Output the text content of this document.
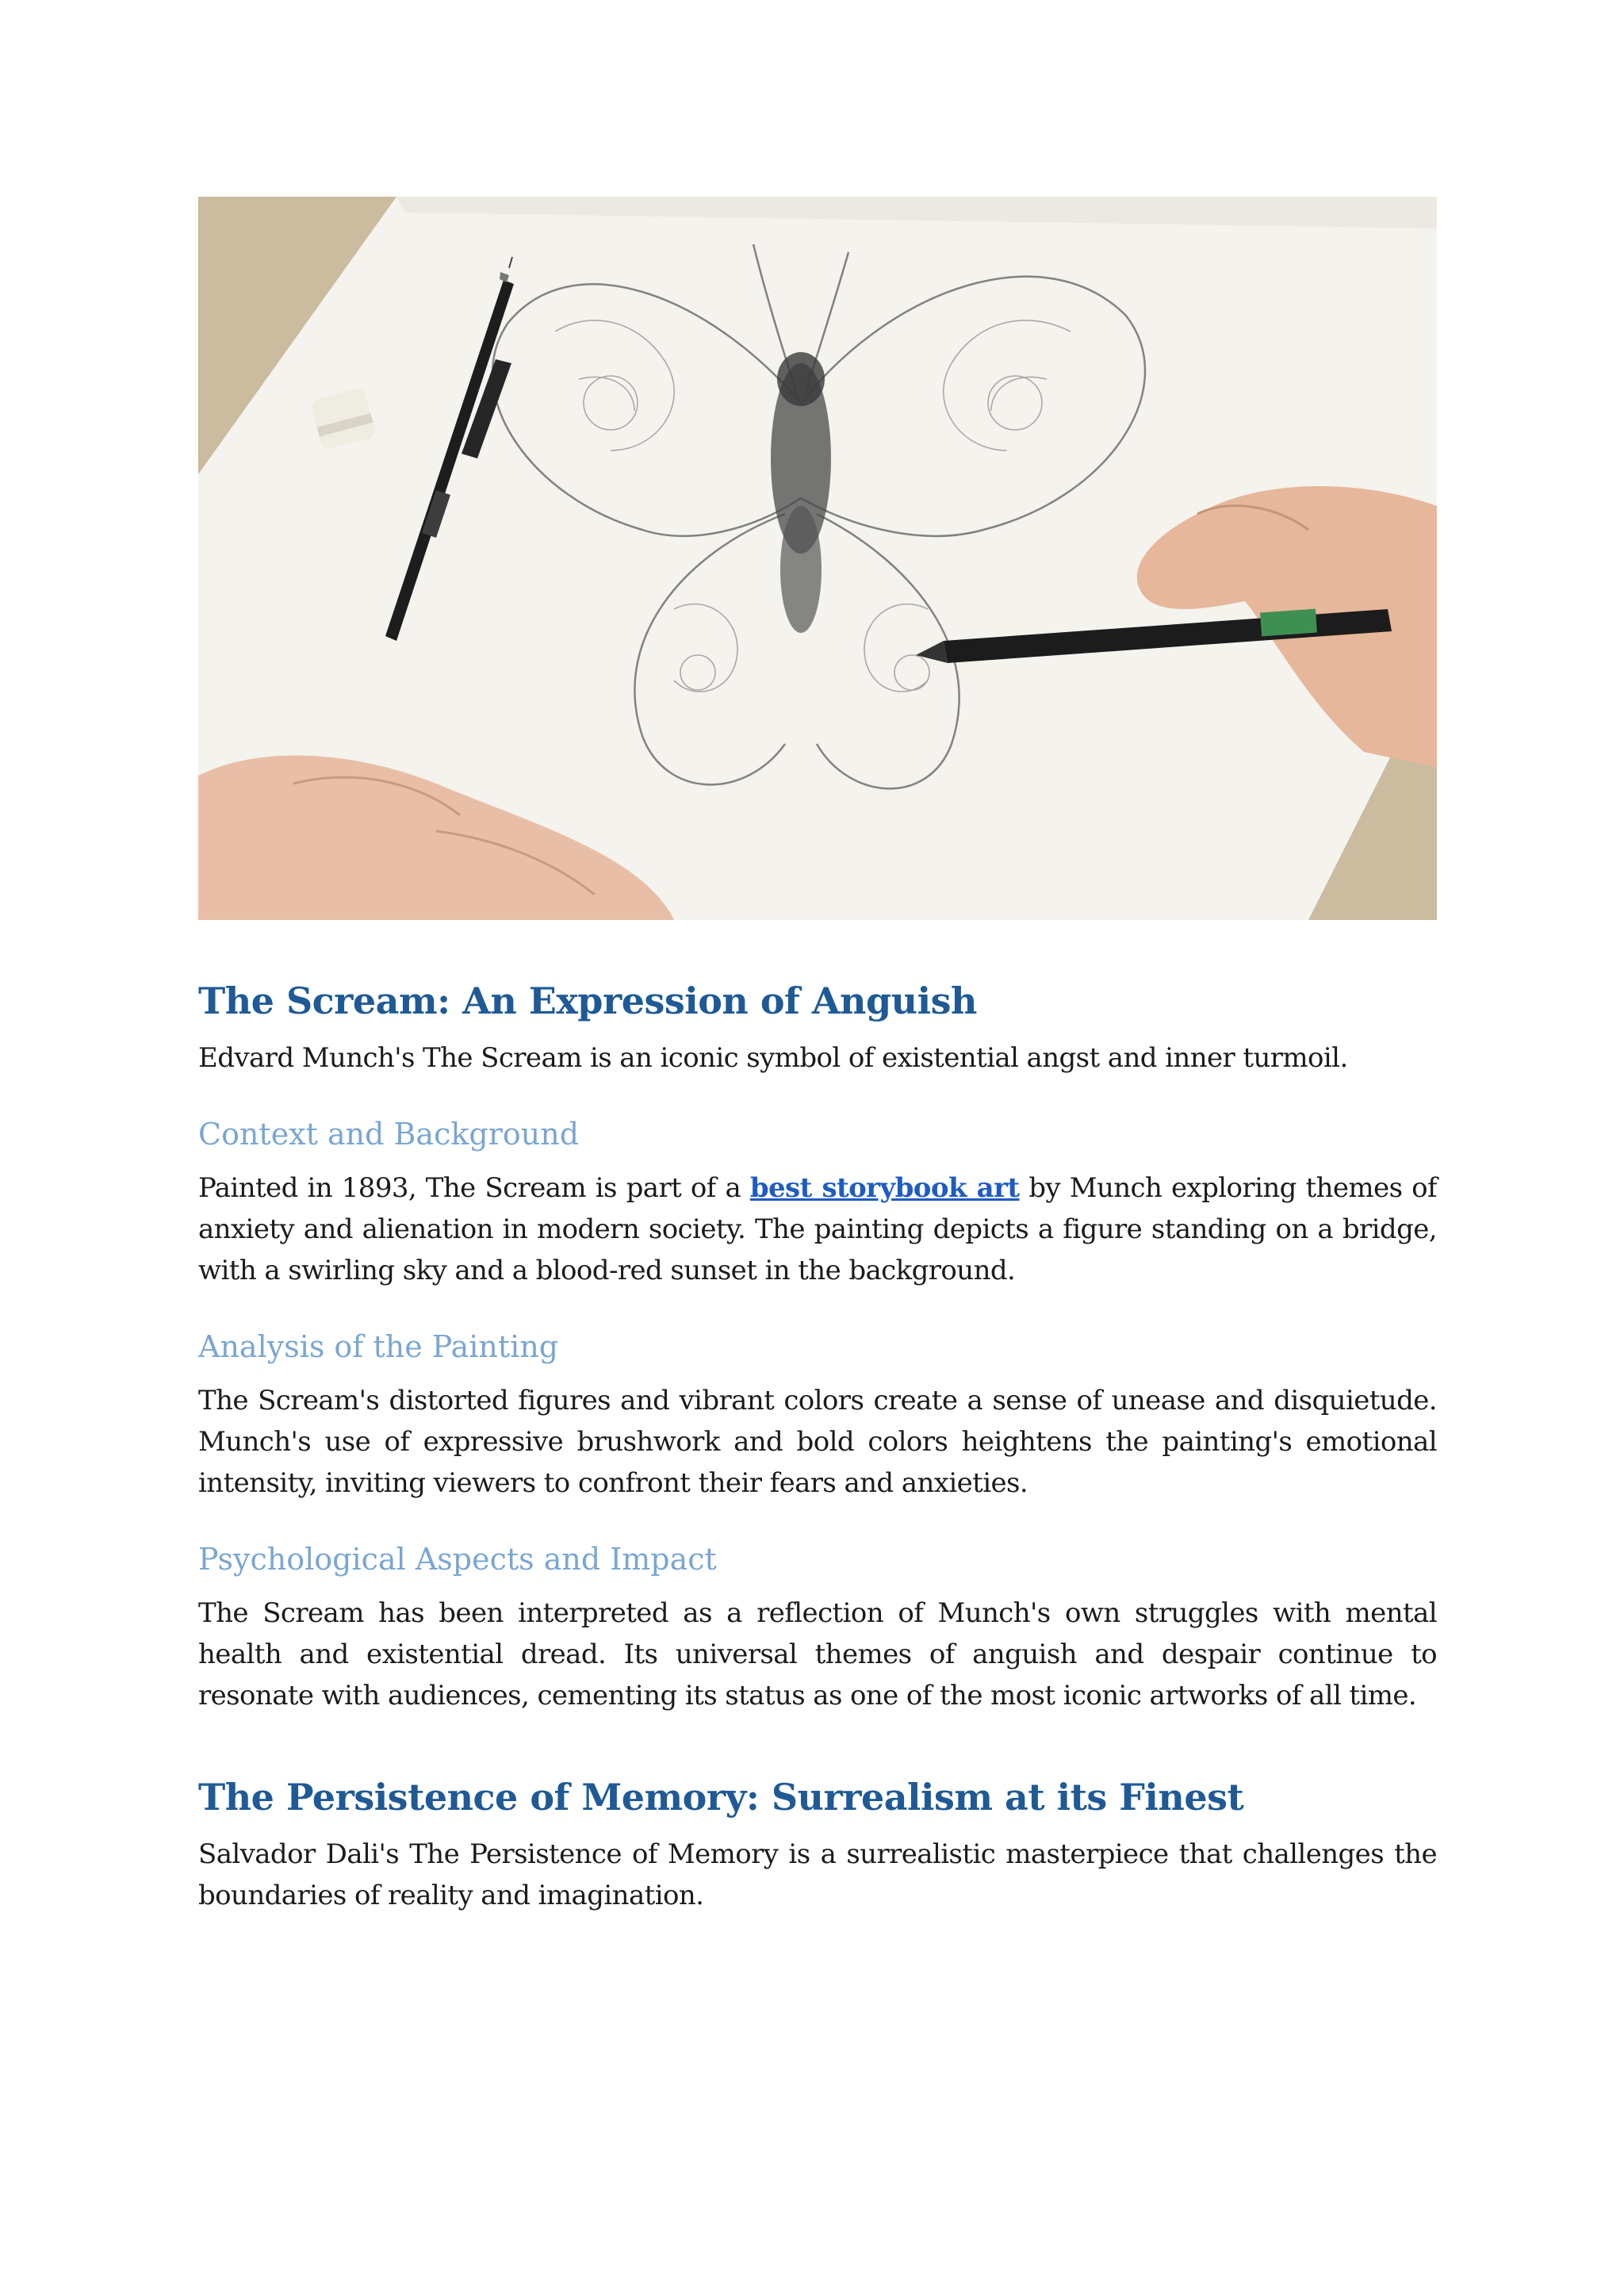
The Scream: An Expression of Anguish

Edvard Munch's The Scream is an iconic symbol of existential angst and inner turmoil.

Context and Background

Painted in 1893, The Scream is part of a best storybook art by Munch exploring themes of anxiety and alienation in modern society. The painting depicts a figure standing on a bridge, with a swirling sky and a blood-red sunset in the background.

Analysis of the Painting

The Scream's distorted figures and vibrant colors create a sense of unease and disquietude. Munch's use of expressive brushwork and bold colors heightens the painting's emotional intensity, inviting viewers to confront their fears and anxieties.

Psychological Aspects and Impact

The Scream has been interpreted as a reflection of Munch's own struggles with mental health and existential dread. Its universal themes of anguish and despair continue to resonate with audiences, cementing its status as one of the most iconic artworks of all time.

The Persistence of Memory: Surrealism at its Finest

Salvador Dali's The Persistence of Memory is a surrealistic masterpiece that challenges the boundaries of reality and imagination.
